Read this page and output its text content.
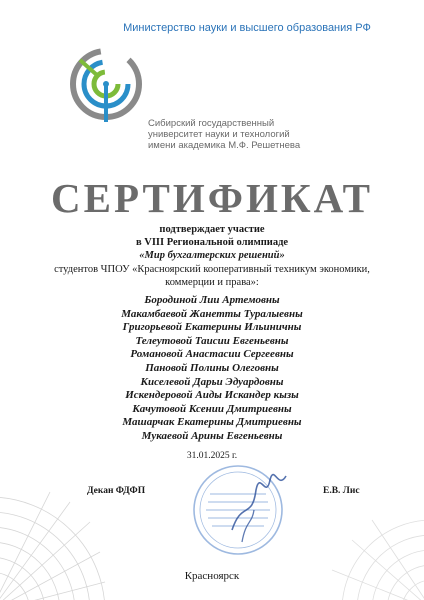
Министерство науки и высшего образования РФ
Сибирский государственный
университет науки и технологий
имени академика М.Ф. Решетнева
СЕРТИФИКАТ
подтверждает участие
в VIII Региональной олимпиаде
«Мир бухгалтерских решений»
студентов ЧПОУ «Красноярский кооперативный техникум экономики, коммерции и права»:
Бородиной Лии Артемовны
Макамбаевой Жанетты Туралыевны
Григорьевой Екатерины Ильиничны
Телеутовой Таисии Евгеньевны
Романовой Анастасии Сергеевны
Пановой Полины Олеговны
Киселевой Дарьи Эдуардовны
Искендеровой Аиды Искандер кызы
Качутовой Ксении Дмитриевны
Машарчак Екатерины Дмитриевны
Мукаевой Арины Евгеньевны
31.01.2025 г.
Декан ФДФП	Е.В. Лис
Красноярск
